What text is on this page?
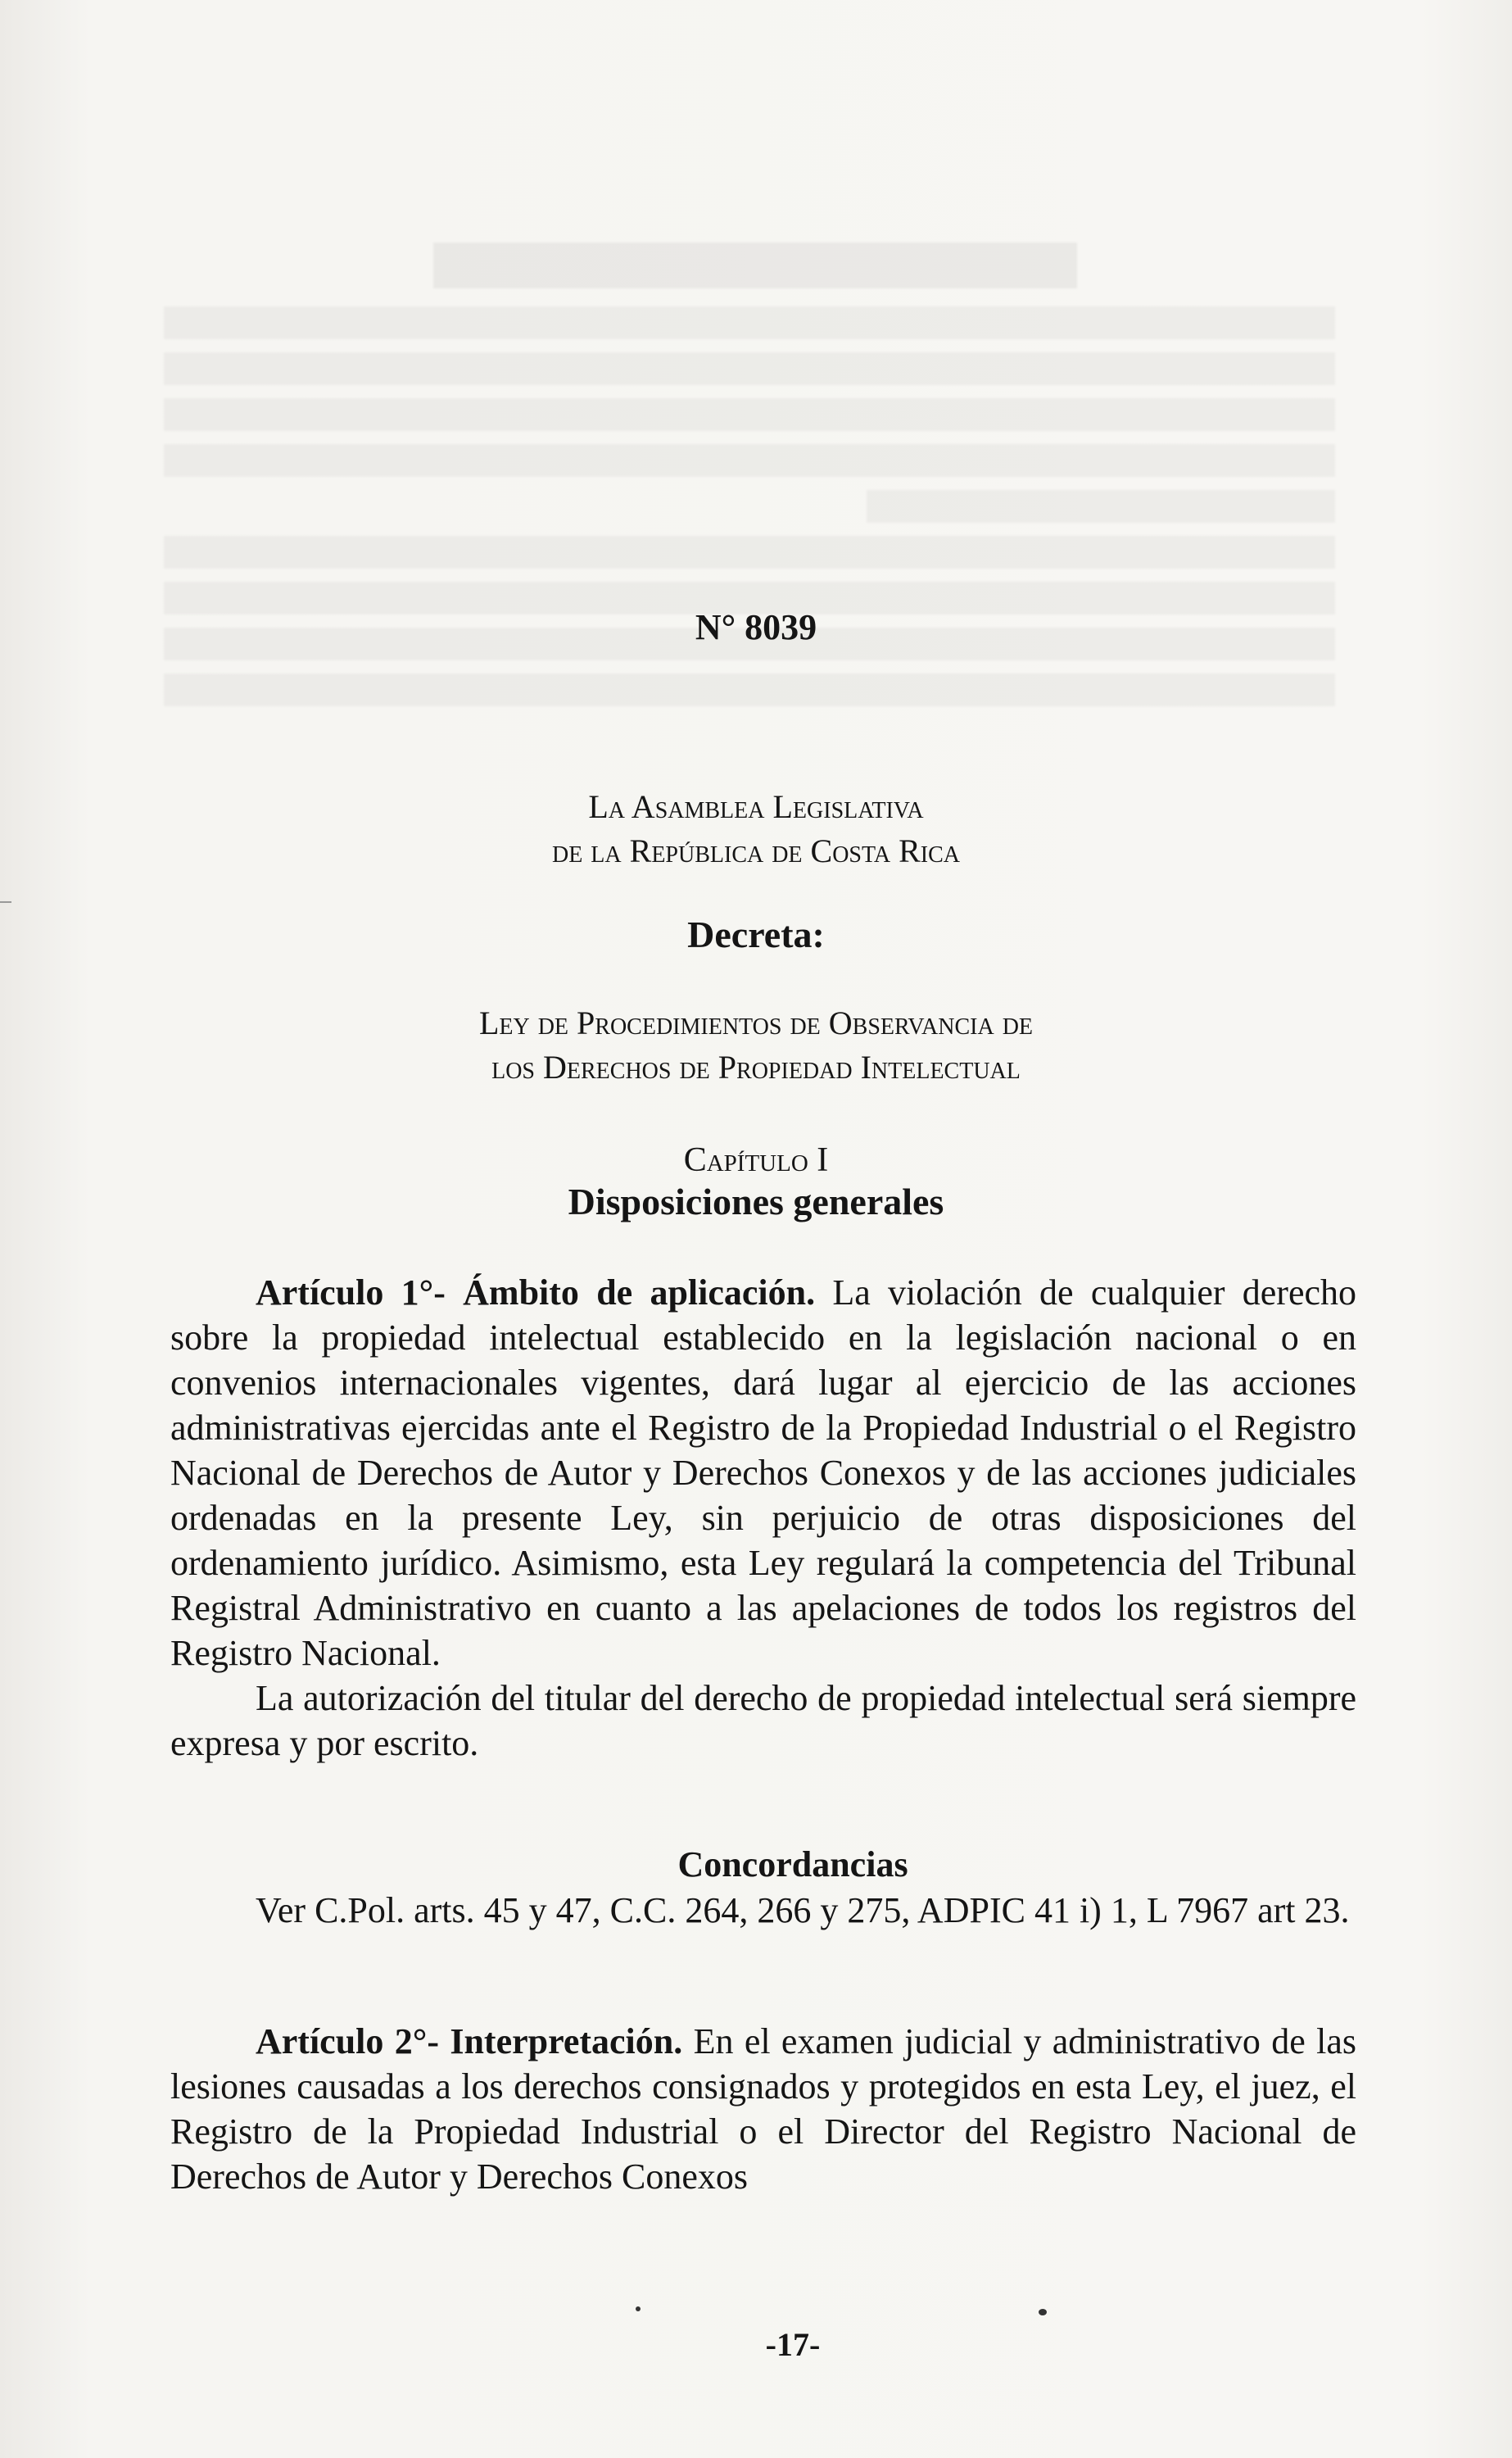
N° 8039
La Asamblea Legislativa
de la República de Costa Rica
Decreta:
Ley de Procedimientos de Observancia de
los Derechos de Propiedad Intelectual
Capítulo I
Disposiciones generales

Artículo 1°- Ámbito de aplicación. La violación de cualquier derecho sobre la propiedad intelectual establecido en la legislación nacional o en convenios internacionales vigentes, dará lugar al ejercicio de las acciones administrativas ejercidas ante el Registro de la Propiedad Industrial o el Registro Nacional de Derechos de Autor y Derechos Conexos y de las acciones judiciales ordenadas en la presente Ley, sin perjuicio de otras disposiciones del ordenamiento jurídico. Asimismo, esta Ley regulará la competencia del Tribunal Registral Administrativo en cuanto a las apelaciones de todos los registros del Registro Nacional.

La autorización del titular del derecho de propiedad intelectual será siempre expresa y por escrito.

Concordancias

Ver C.Pol. arts. 45 y 47, C.C. 264, 266 y 275, ADPIC 41 i) 1, L 7967 art 23.

Artículo 2°- Interpretación. En el examen judicial y administrativo de las lesiones causadas a los derechos consignados y protegidos en esta Ley, el juez, el Registro de la Propiedad Industrial o el Director del Registro Nacional de Derechos de Autor y Derechos Conexos

-17-
